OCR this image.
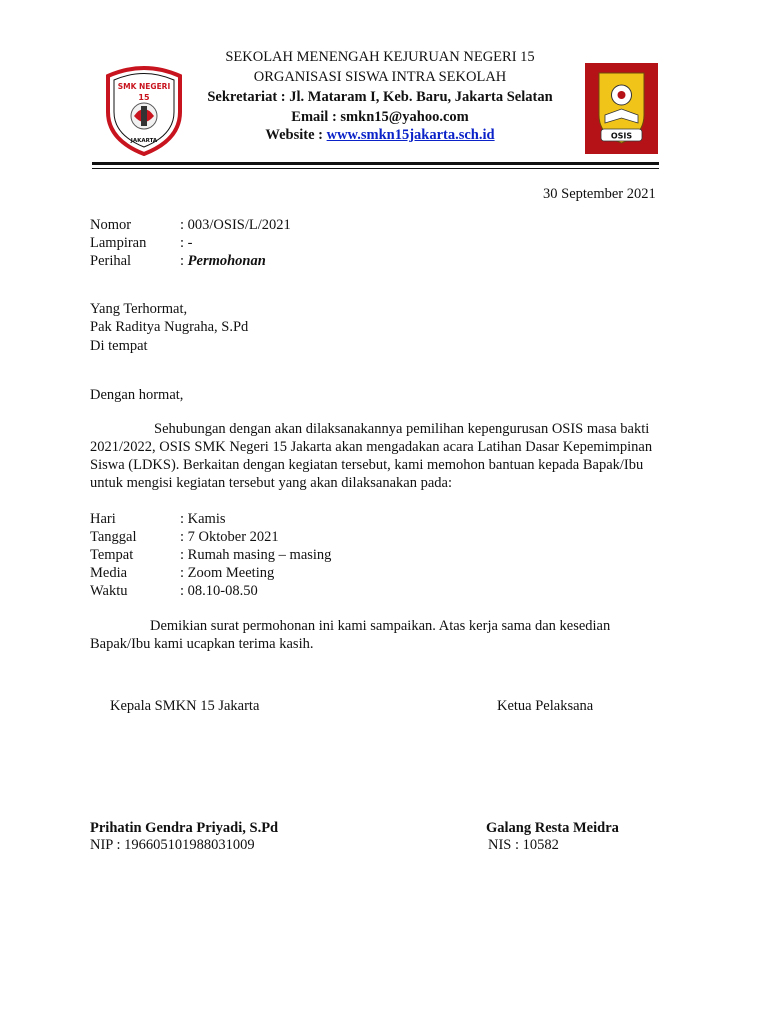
SMK NEGERI
15
JAKARTA
OSIS
SEKOLAH MENENGAH KEJURUAN NEGERI 15
ORGANISASI SISWA INTRA SEKOLAH
Sekretariat : Jl. Mataram I, Keb. Baru, Jakarta Selatan
Email : smkn15@yahoo.com
Website : www.smkn15jakarta.sch.id
30 September 2021
Nomor	: 003/OSIS/L/2021
Lampiran : -
Perihal	: Permohonan
Yang Terhormat,
Pak Raditya Nugraha, S.Pd
Di tempat
Dengan hormat,
Sehubungan dengan akan dilaksanakannya pemilihan kepengurusan OSIS masa bakti 2021/2022, OSIS SMK Negeri 15 Jakarta akan mengadakan acara Latihan Dasar Kepemimpinan Siswa (LDKS). Berkaitan dengan kegiatan tersebut, kami memohon bantuan kepada Bapak/Ibu untuk mengisi kegiatan tersebut yang akan dilaksanakan pada:
Hari	: Kamis
Tanggal	: 7 Oktober 2021
Tempat	: Rumah masing – masing
Media	: Zoom Meeting
Waktu	: 08.10-08.50
Demikian surat permohonan ini kami sampaikan. Atas kerja sama dan kesedian Bapak/Ibu kami ucapkan terima kasih.
Kepala SMKN 15 Jakarta	Ketua Pelaksana
Prihatin Gendra Priyadi, S.Pd	Galang Resta Meidra
NIP : 196605101988031009	NIS : 10582
